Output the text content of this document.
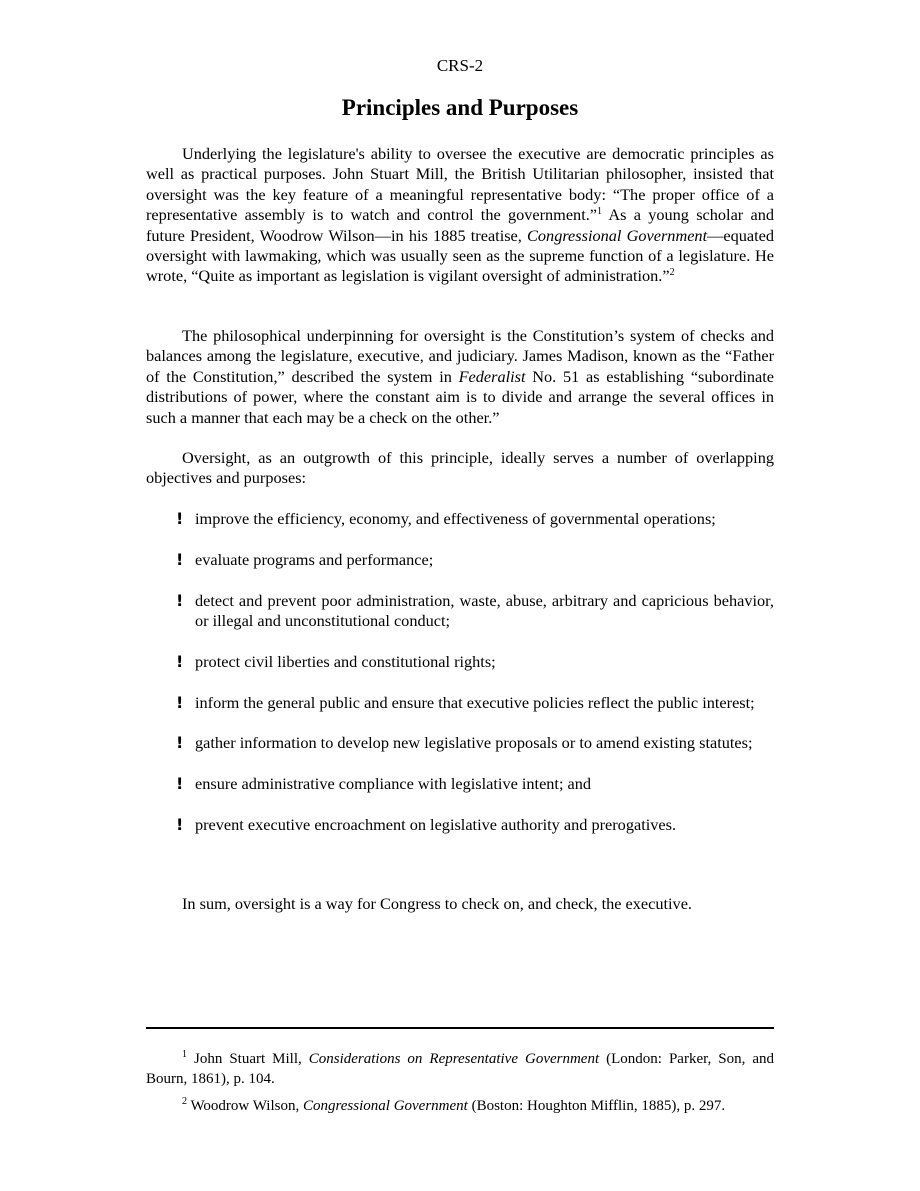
CRS-2
Principles and Purposes

Underlying the legislature's ability to oversee the executive are democratic principles as well as practical purposes. John Stuart Mill, the British Utilitarian philosopher, insisted that oversight was the key feature of a meaningful representative body: “The proper office of a representative assembly is to watch and control the government.”$^1$ As a young scholar and future President, Woodrow Wilson—in his 1885 treatise, Congressional Government—equated oversight with lawmaking, which was usually seen as the supreme function of a legislature. He wrote, “Quite as important as legislation is vigilant oversight of administration.”$^2$

The philosophical underpinning for oversight is the Constitution’s system of checks and balances among the legislature, executive, and judiciary. James Madison, known as the “Father of the Constitution,” described the system in Federalist No. 51 as establishing “subordinate distributions of power, where the constant aim is to divide and arrange the several offices in such a manner that each may be a check on the other.”

Oversight, as an outgrowth of this principle, ideally serves a number of overlapping objectives and purposes:

! improve the efficiency, economy, and effectiveness of governmental operations;
! evaluate programs and performance;
! detect and prevent poor administration, waste, abuse, arbitrary and capricious behavior, or illegal and unconstitutional conduct;
! protect civil liberties and constitutional rights;
! inform the general public and ensure that executive policies reflect the public interest;
! gather information to develop new legislative proposals or to amend existing statutes;
! ensure administrative compliance with legislative intent; and
! prevent executive encroachment on legislative authority and prerogatives.
In sum, oversight is a way for Congress to check on, and check, the executive.

$^1$ John Stuart Mill, Considerations on Representative Government (London: Parker, Son, and Bourn, 1861), p. 104.

$^2$ Woodrow Wilson, Congressional Government (Boston: Houghton Mifflin, 1885), p. 297.
